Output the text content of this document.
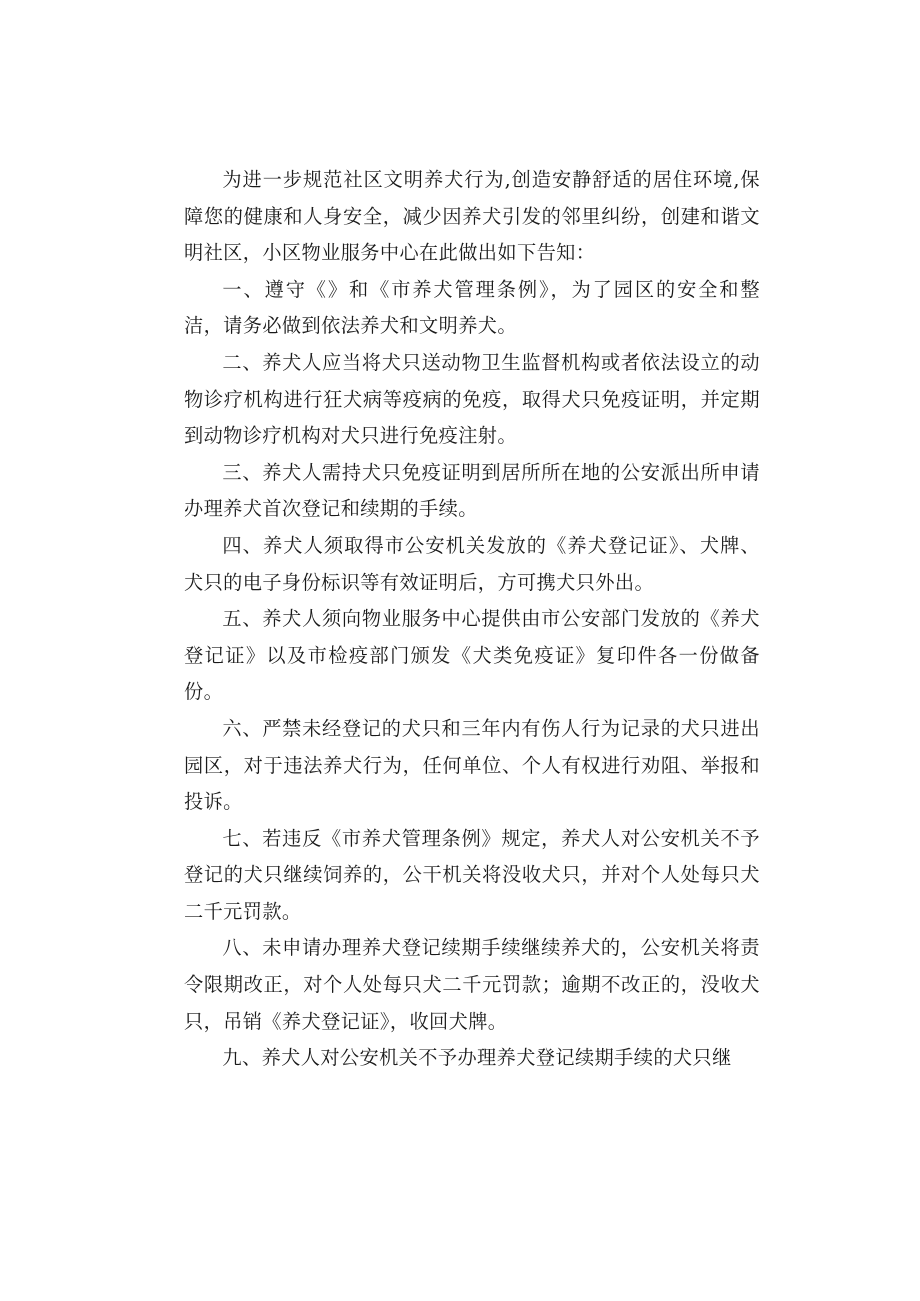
为进一步规范社区文明养犬行为,创造安静舒适的居住环境,保障您的健康和人身安全，减少因养犬引发的邻里纠纷，创建和谐文明社区，小区物业服务中心在此做出如下告知：

一、遵守《》和《市养犬管理条例》，为了园区的安全和整洁，请务必做到依法养犬和文明养犬。

二、养犬人应当将犬只送动物卫生监督机构或者依法设立的动物诊疗机构进行狂犬病等疫病的免疫，取得犬只免疫证明，并定期到动物诊疗机构对犬只进行免疫注射。

三、养犬人需持犬只免疫证明到居所所在地的公安派出所申请办理养犬首次登记和续期的手续。

四、养犬人须取得市公安机关发放的《养犬登记证》、犬牌、犬只的电子身份标识等有效证明后，方可携犬只外出。

五、养犬人须向物业服务中心提供由市公安部门发放的《养犬登记证》以及市检疫部门颁发《犬类免疫证》复印件各一份做备份。

六、严禁未经登记的犬只和三年内有伤人行为记录的犬只进出园区，对于违法养犬行为，任何单位、个人有权进行劝阻、举报和投诉。

七、若违反《市养犬管理条例》规定，养犬人对公安机关不予登记的犬只继续饲养的，公干机关将没收犬只，并对个人处每只犬二千元罚款。

八、未申请办理养犬登记续期手续继续养犬的，公安机关将责令限期改正，对个人处每只犬二千元罚款；逾期不改正的，没收犬只，吊销《养犬登记证》，收回犬牌。

九、养犬人对公安机关不予办理养犬登记续期手续的犬只继
